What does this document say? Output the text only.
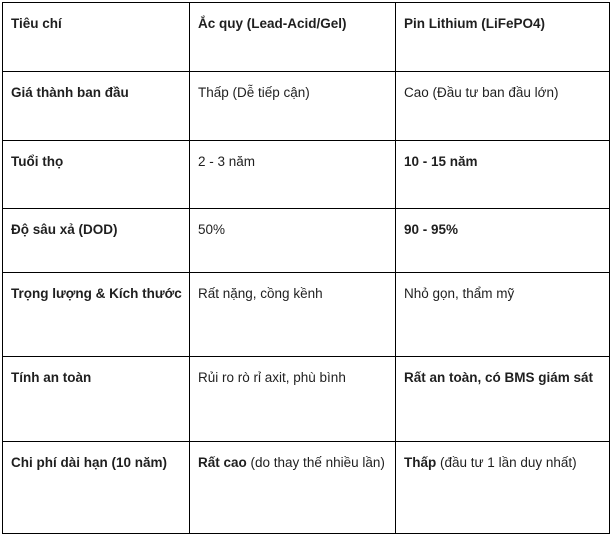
Tiêu chí	Ắc quy (Lead-Acid/Gel)	Pin Lithium (LiFePO4)
Giá thành ban đầu	Thấp (Dễ tiếp cận)	Cao (Đầu tư ban đầu lớn)
Tuổi thọ	2 - 3 năm	10 - 15 năm
Độ sâu xả (DOD)	50%	90 - 95%
Trọng lượng & Kích thước	Rất nặng, cồng kềnh	Nhỏ gọn, thẩm mỹ
Tính an toàn	Rủi ro rò rỉ axit, phù bình	Rất an toàn, có BMS giám sát
Chi phí dài hạn (10 năm)	Rất cao (do thay thế nhiều lần)	Thấp (đầu tư 1 lần duy nhất)
